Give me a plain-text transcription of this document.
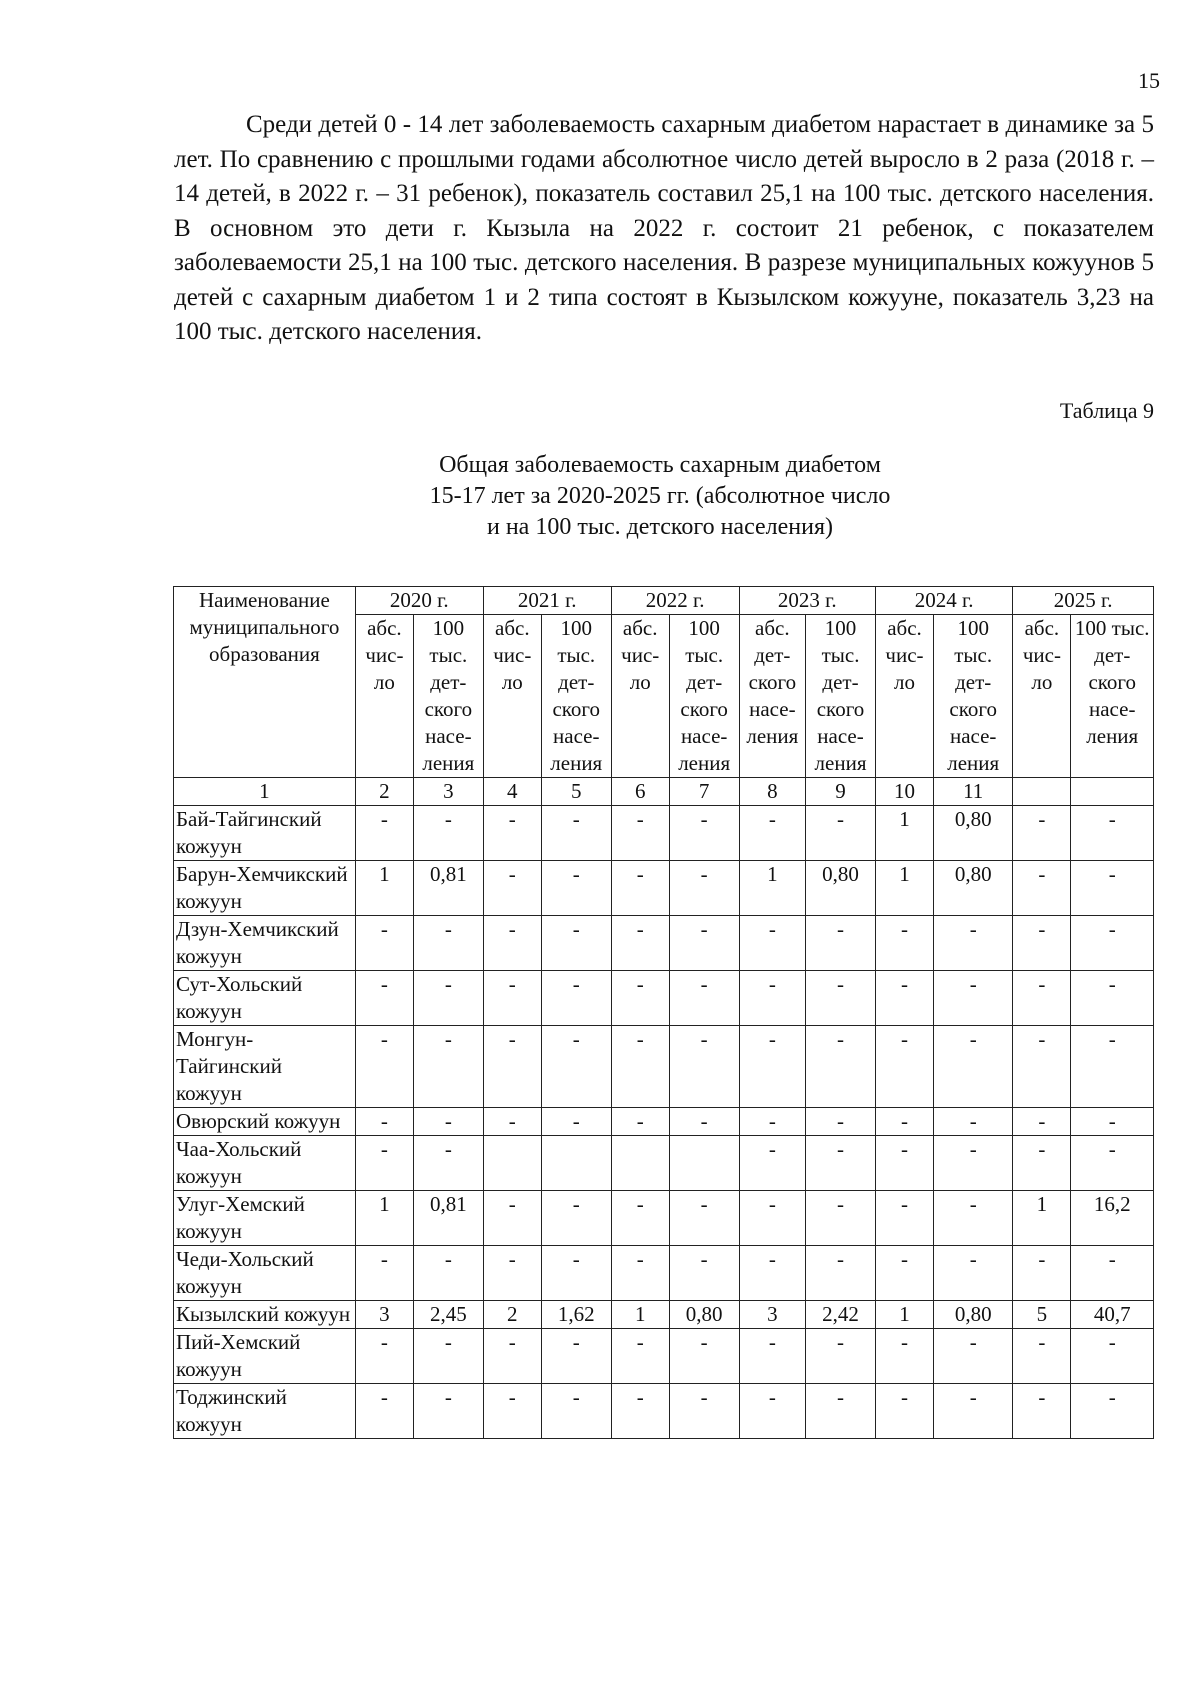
15

Среди детей 0 - 14 лет заболеваемость сахарным диабетом нарастает в динамике за 5 лет. По сравнению с прошлыми годами абсолютное число детей выросло в 2 раза (2018 г. – 14 детей, в 2022 г. – 31 ребенок), показатель составил 25,1 на 100 тыс. детского населения. В основном это дети г. Кызыла на 2022 г. состоит 21 ребенок, с показателем заболеваемости 25,1 на 100 тыс. детского населения. В разрезе муниципальных кожуунов 5 детей с сахарным диабетом 1 и 2 типа состоят в Кызылском кожууне, показатель 3,23 на 100 тыс. детского населения.

Таблица 9
Общая заболеваемость сахарным диабетом
15-17 лет за 2020-2025 гг. (абсолютное число
и на 100 тыс. детского населения)
Наименование муниципального образования	2020 г.		2021 г.		2022 г.		2023 г.		2024 г.		2025 г.	
	абс. чис- ло	100 тыс. дет- ского насе- ления	абс. чис- ло	100 тыс. дет- ского насе- ления	абс. чис- ло	100 тыс. дет- ского насе- ления	абс. дет- ского насе- ления	100 тыс. дет- ского насе- ления	абс. чис- ло	100 тыс. дет- ского насе- ления	абс. чис- ло	100 тыс. дет- ского насе- ления
1	2	3	4	5	6	7	8	9	10	11		
Бай-Тайгинский кожуун	-	-	-	-	-	-	-	-	1	0,80	-	-
Барун-Хемчикский кожуун	1	0,81	-	-	-	-	1	0,80	1	0,80	-	-
Дзун-Хемчикский кожуун	-	-	-	-	-	-	-	-	-	-	-	-
Сут-Хольский кожуун	-	-	-	-	-	-	-	-	-	-	-	-
Монгун-Тайгинский кожуун	-	-	-	-	-	-	-	-	-	-	-	-
Овюрский кожуун	-	-	-	-	-	-	-	-	-	-	-	-
Чаа-Хольский кожуун	-	-					-	-	-	-	-	-
Улуг-Хемский кожуун	1	0,81	-	-	-	-	-	-	-	-	1	16,2
Чеди-Хольский кожуун	-	-	-	-	-	-	-	-	-	-	-	-
Кызылский кожуун	3	2,45	2	1,62	1	0,80	3	2,42	1	0,80	5	40,7
Пий-Хемский кожуун	-	-	-	-	-	-	-	-	-	-	-	-
Тоджинский кожуун	-	-	-	-	-	-	-	-	-	-	-	-
